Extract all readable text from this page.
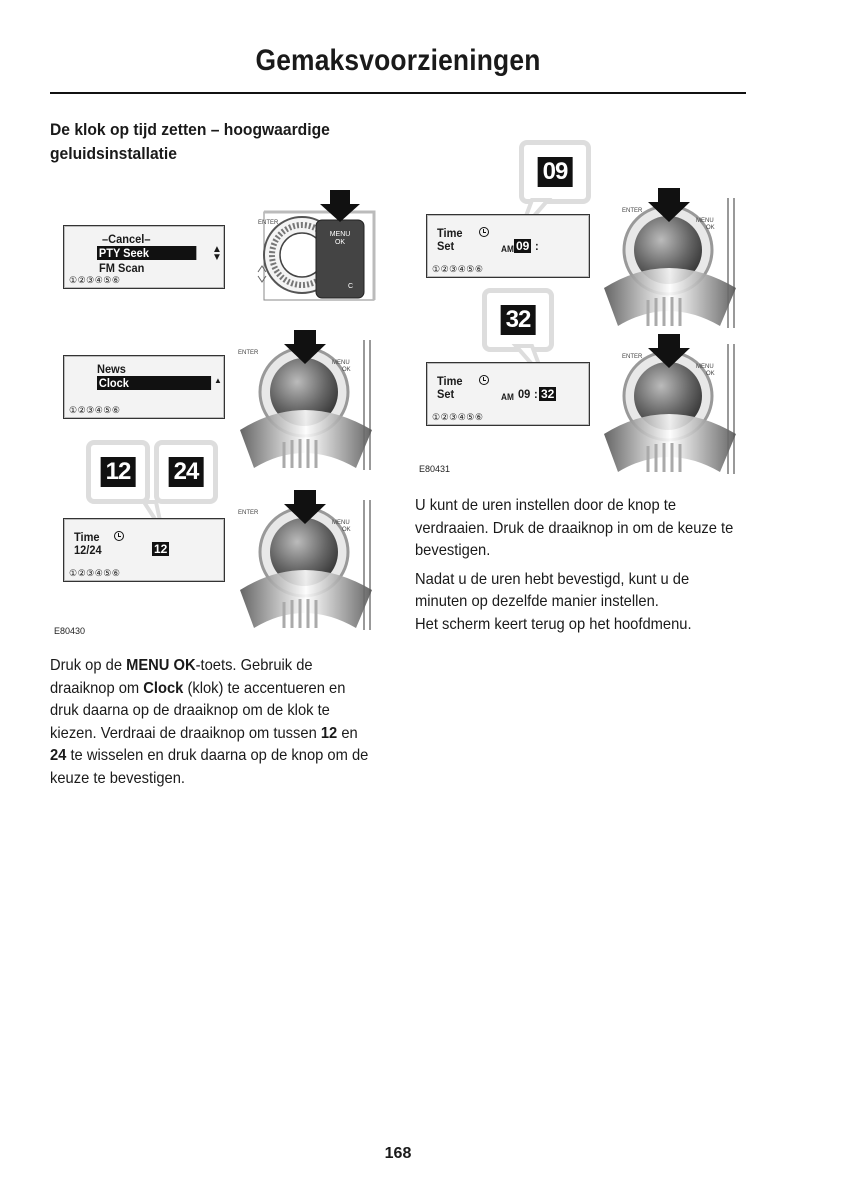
Gemaksvoorzieningen
De klok op tijd zetten – hoogwaardige geluidsinstallatie
–Cancel–
PTY Seek
FM Scan
▲

▼
①②③④⑤⑥
MENU
OK
C
ENTER
News
Clock	▲
①②③④⑤⑥
ENTER
MENU
OK
12 24
Time
12/24	12
①②③④⑤⑥
ENTER
MENU
OK
E80430
09
Time
Set	AM 09 :
①②③④⑤⑥
ENTER
MENU
OK
32
Time
Set	AM 09 : 32
①②③④⑤⑥
ENTER
MENU
OK
E80431

Druk op de MENU OK-toets. Gebruik de draaiknop om Clock (klok) te accentueren en druk daarna op de draaiknop om de klok te kiezen. Verdraai de draaiknop om tussen 12 en 24 te wisselen en druk daarna op de knop om de keuze te bevestigen.

U kunt de uren instellen door de knop te verdraaien. Druk de draaiknop in om de keuze te bevestigen.

Nadat u de uren hebt bevestigd, kunt u de minuten op dezelfde manier instellen.
Het scherm keert terug op het hoofdmenu.

168
